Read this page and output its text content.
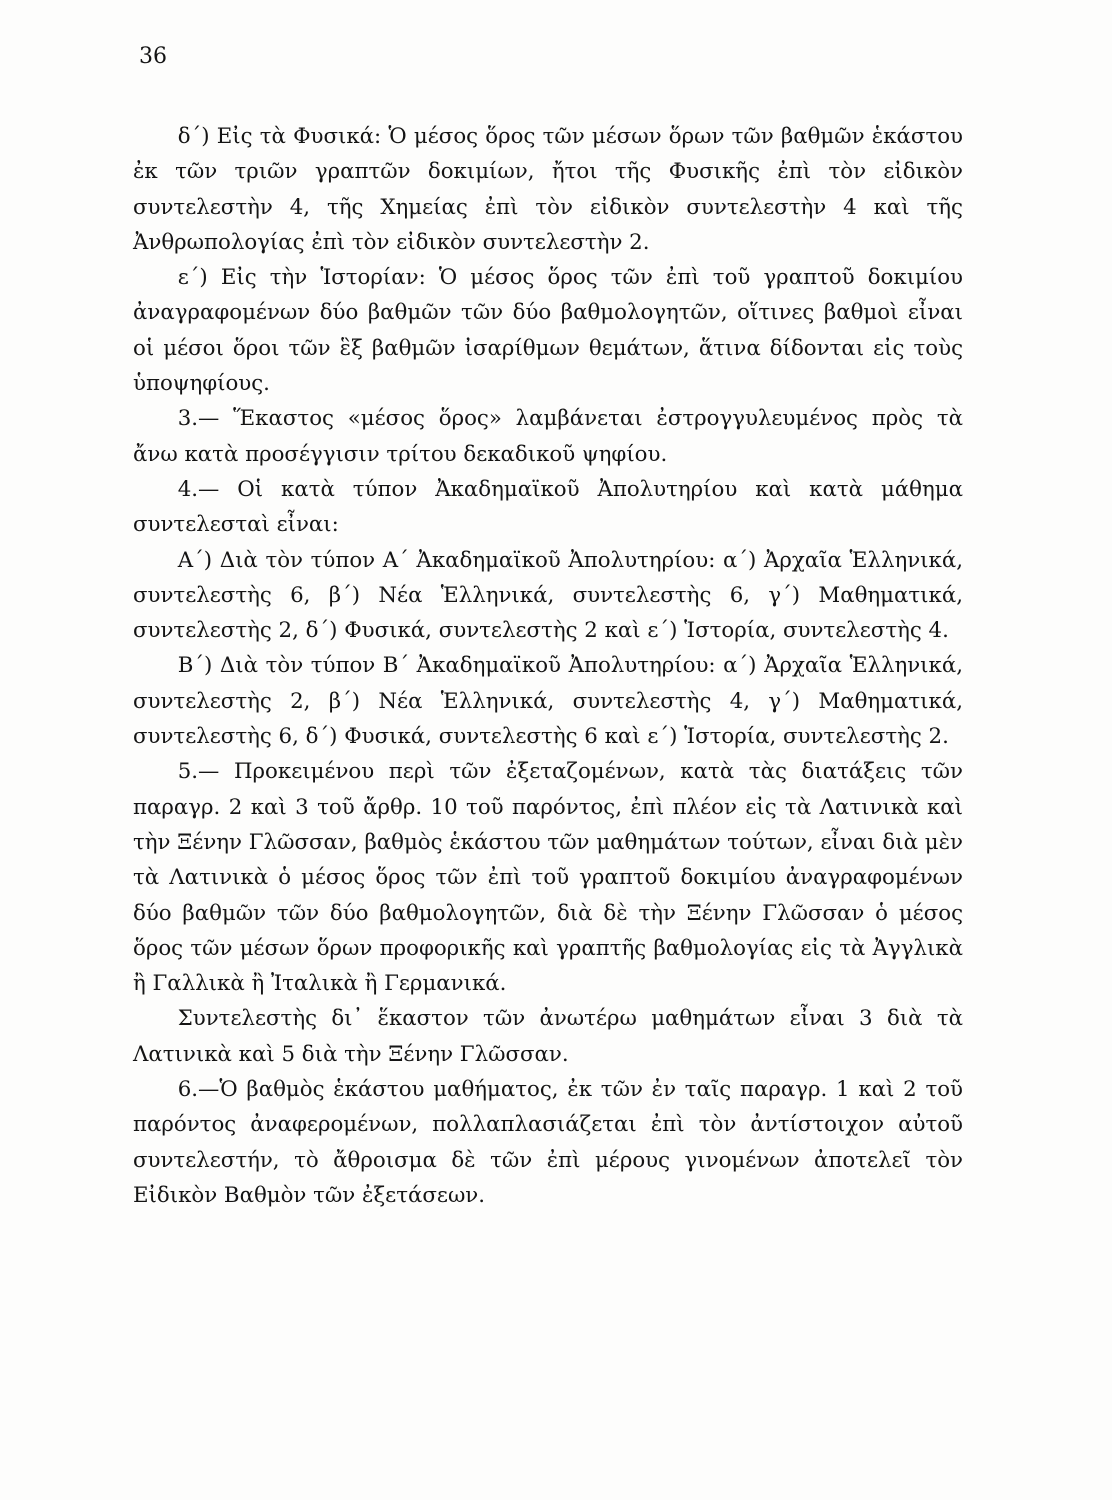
36

δ΄) Εἰς τὰ Φυσικά: Ὁ μέσος ὅρος τῶν μέσων ὅρων τῶν βαθμῶν ἑκάστου ἐκ τῶν τριῶν γραπτῶν δοκιμίων, ἤτοι τῆς Φυσικῆς ἐπὶ τὸν εἰδικὸν συντελεστὴν 4, τῆς Χημείας ἐπὶ τὸν εἰδικὸν συντελεστὴν 4 καὶ τῆς Ἀνθρωπολογίας ἐπὶ τὸν εἰδικὸν συντελεστὴν 2.

ε΄) Εἰς τὴν Ἱστορίαν: Ὁ μέσος ὅρος τῶν ἐπὶ τοῦ γραπτοῦ δοκιμίου ἀναγραφομένων δύο βαθμῶν τῶν δύο βαθμολογητῶν, οἵτινες βαθμοὶ εἶναι οἱ μέσοι ὅροι τῶν ἓξ βαθμῶν ἰσαρίθμων θεμάτων, ἅτινα δίδονται εἰς τοὺς ὑποψηφίους.

3.— Ἕκαστος «μέσος ὅρος» λαμβάνεται ἐστρογγυλευμένος πρὸς τὰ ἄνω κατὰ προσέγγισιν τρίτου δεκαδικοῦ ψηφίου.

4.— Οἱ κατὰ τύπον Ἀκαδημαϊκοῦ Ἀπολυτηρίου καὶ κατὰ μάθημα συντελεσταὶ εἶναι:

Α΄) Διὰ τὸν τύπον Α΄ Ἀκαδημαϊκοῦ Ἀπολυτηρίου: α΄) Ἀρχαῖα Ἑλληνικά, συντελεστὴς 6, β΄) Νέα Ἑλληνικά, συντελεστὴς 6, γ΄) Μαθηματικά, συντελεστὴς 2, δ΄) Φυσικά, συντελεστὴς 2 καὶ ε΄) Ἱστορία, συντελεστὴς 4.

Β΄) Διὰ τὸν τύπον Β΄ Ἀκαδημαϊκοῦ Ἀπολυτηρίου: α΄) Ἀρχαῖα Ἑλληνικά, συντελεστὴς 2, β΄) Νέα Ἑλληνικά, συντελεστὴς 4, γ΄) Μαθηματικά, συντελεστὴς 6, δ΄) Φυσικά, συντελεστὴς 6 καὶ ε΄) Ἱστορία, συντελεστὴς 2.

5.— Προκειμένου περὶ τῶν ἐξεταζομένων, κατὰ τὰς διατάξεις τῶν παραγρ. 2 καὶ 3 τοῦ ἄρθρ. 10 τοῦ παρόντος, ἐπὶ πλέον εἰς τὰ Λατινικὰ καὶ τὴν Ξένην Γλῶσσαν, βαθμὸς ἑκάστου τῶν μαθημάτων τούτων, εἶναι διὰ μὲν τὰ Λατινικὰ ὁ μέσος ὅρος τῶν ἐπὶ τοῦ γραπτοῦ δοκιμίου ἀναγραφομένων δύο βαθμῶν τῶν δύο βαθμολογητῶν, διὰ δὲ τὴν Ξένην Γλῶσσαν ὁ μέσος ὅρος τῶν μέσων ὅρων προφορικῆς καὶ γραπτῆς βαθμολογίας εἰς τὰ Ἀγγλικὰ ἢ Γαλλικὰ ἢ Ἰταλικὰ ἢ Γερμανικά.

Συντελεστὴς δι᾽ ἕκαστον τῶν ἀνωτέρω μαθημάτων εἶναι 3 διὰ τὰ Λατινικὰ καὶ 5 διὰ τὴν Ξένην Γλῶσσαν.

6.—Ὁ βαθμὸς ἑκάστου μαθήματος, ἐκ τῶν ἐν ταῖς παραγρ. 1 καὶ 2 τοῦ παρόντος ἀναφερομένων, πολλαπλασιάζεται ἐπὶ τὸν ἀντίστοιχον αὐτοῦ συντελεστήν, τὸ ἄθροισμα δὲ τῶν ἐπὶ μέρους γινομένων ἀποτελεῖ τὸν Εἰδικὸν Βαθμὸν τῶν ἐξετάσεων.
